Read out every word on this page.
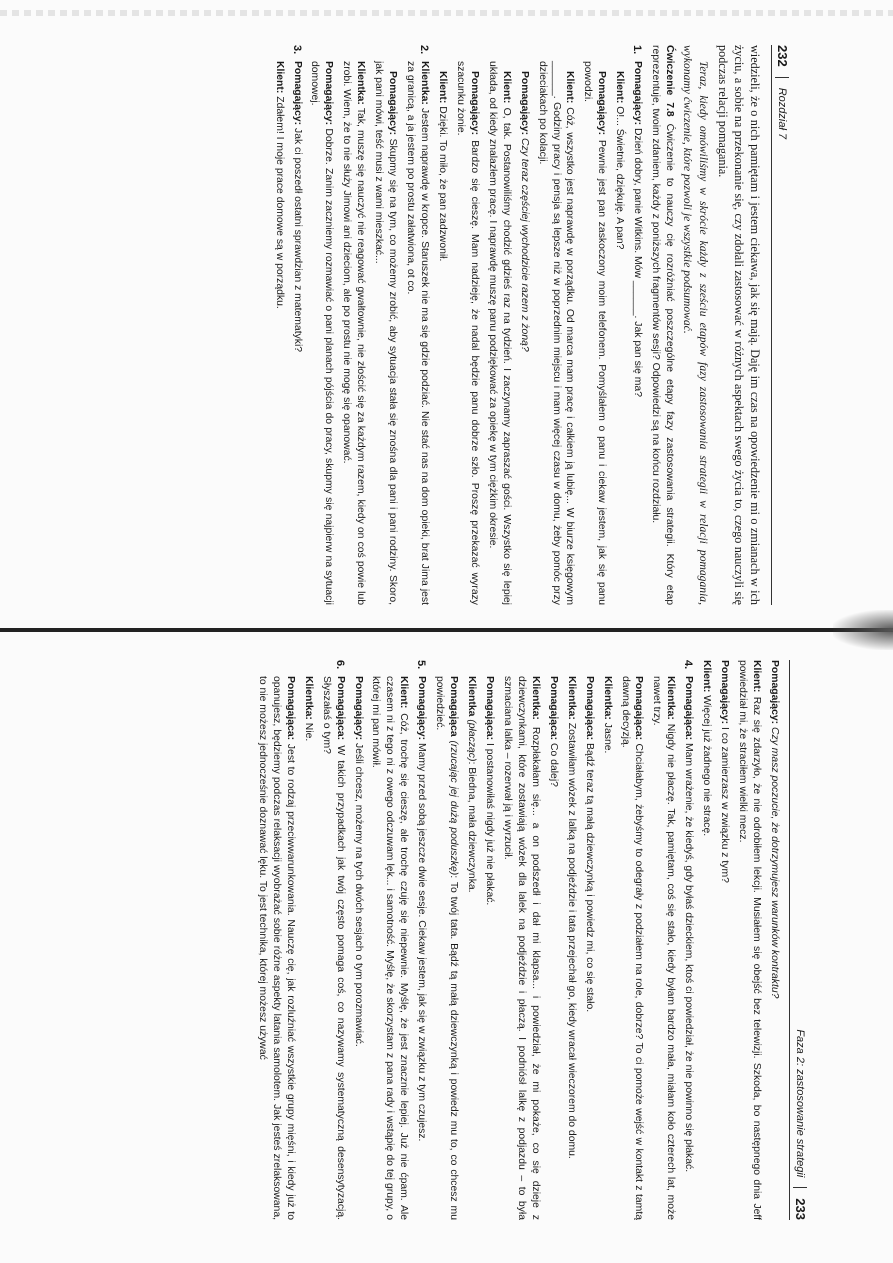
232
Rozdział 7

wiedzieli, że o nich pamiętam i jestem ciekawa, jak się mają. Daję im czas na opowiedzenie mi o zmianach w ich życiu, a sobie na przekonanie się, czy zdołali zastosować w różnych aspektach swego życia to, czego nauczyli się podczas relacji pomagania.

Teraz, kiedy omówiliśmy w skrócie każdy z sześciu etapów fazy zastosowania strategii w relacji pomagania, wykonamy ćwiczenie, które pozwoli je wszystkie podsumować.

Ćwiczenie 7.8 Ćwiczenie to nauczy cię rozróżniać poszczególne etapy fazy zastosowania strategii. Który etap reprezentuje, twoim zdaniem, każdy z poniższych fragmentów sesji? Odpowiedzi są na końcu rozdziału.

1.

Pomagający: Dzień dobry, panie Witkins. Mów ______. Jak pan się ma?

Klient: O!... Świetnie, dziękuję. A pan?

Pomagający: Pewnie jest pan zaskoczony moim telefonem. Pomyślałem o panu i ciekaw jestem, jak się panu powodzi.

Klient: Cóż, wszystko jest naprawdę w porządku. Od marca mam pracę i całkiem ją lubię... W biurze księgowym ______. Godziny pracy i pensja są lepsze niż w poprzednim miejscu i mam więcej czasu w domu, żeby pomóc przy dzieciakach po kolacji.

Pomagający: Czy teraz częściej wychodzicie razem z żoną?

Klient: O, tak. Postanowiliśmy chodzić gdzieś raz na tydzień. I zaczynamy zapraszać gości. Wszystko się lepiej układa, od kiedy znalazłem pracę. I naprawdę muszę panu podziękować za opiekę w tym ciężkim okresie.

Pomagający: Bardzo się cieszę. Mam nadzieję, że nadal będzie panu dobrze szło. Proszę przekazać wyrazy szacunku żonie.

Klient: Dzięki. To miło, że pan zadzwonił.

2.

Klientka: Jestem naprawdę w kropce. Staruszek nie ma się gdzie podziać. Nie stać nas na dom opieki, brat Jima jest za granicą, a ja jestem po prostu załatwiona, ot co.

Pomagający: Skupmy się na tym, co możemy zrobić, aby sytuacja stała się znośna dla pani i pani rodziny. Skoro, jak pani mówi, teść musi z wami mieszkać...

Klientka: Tak, muszę się nauczyć nie reagować gwałtownie, nie złościć się za każdym razem, kiedy on coś powie lub zrobi. Wiem, że to nie służy Jimowi ani dzieciom, ale po prostu nie mogę się opanować.

Pomagający: Dobrze. Zanim zaczniemy rozmawiać o pani planach pójścia do pracy, skupmy się najpierw na sytuacji domowej.

3.

Pomagający: Jak ci poszedł ostatni sprawdzian z matematyki?

Klient: Zdałem! I moje prace domowe są w porządku.

Faza 2: zastosowanie strategii
233

Pomagający: Czy masz poczucie, że dotrzymujesz warunków kontraktu?

Klient: Raz się zdarzyło, że nie odrobiłem lekcji. Musiałem się obejść bez telewizji. Szkoda, bo następnego dnia Jeff powiedział mi, że straciłem wielki mecz.

Pomagający: I co zamierzasz w związku z tym?

Klient: Więcej już żadnego nie stracę.

4.

Pomagająca: Mam wrażenie, że kiedyś, gdy byłaś dzieckiem, ktoś ci powiedział, że nie powinno się płakać.

Klientka: Nigdy nie płaczę. Tak, pamiętam, coś się stało, kiedy byłam bardzo mała, miałam koło czterech lat, może nawet trzy.

Pomagająca: Chciałabym, żebyśmy to odegrały z podziałem na role, dobrze? To ci pomoże wejść w kontakt z tamtą dawną decyzją.

Klientka: Jasne.

Pomagająca: Bądź teraz tą małą dziewczynką i powiedz mi, co się stało.

Klientka: Zostawiłam wózek z lalką na podjeździe i tata przejechał go, kiedy wracał wieczorem do domu.

Pomagająca: Co dalej?

Klientka: Rozpłakałam się... a on podszedł i dał mi klapsa... i powiedział, że mi pokaże, co się dzieje z dziewczynkami, które zostawiają wózek dla lalek na podjeździe i płaczą. I podniósł lalkę z podjazdu – to była szmaciana lalka – rozerwał ją i wyrzucił.

Pomagająca: I postanowiłaś nigdy już nie płakać.

Klientka (płacząc): Biedna, mała dziewczynka.

Pomagająca (rzucając jej dużą poduszkę): To twój tata. Bądź tą małą dziewczynką i powiedz mu to, co chcesz mu powiedzieć.

5.

Pomagający: Mamy przed sobą jeszcze dwie sesje. Ciekaw jestem, jak się w związku z tym czujesz.

Klient: Cóż, trochę się cieszę, ale trochę czuję się niepewnie. Myślę, że jest znacznie lepiej. Już nie ćpam. Ale czasem ni z tego ni z owego odczuwam lęk... i samotność. Myślę, że skorzystam z pana rady i wstąpię do tej grupy, o której mi pan mówił.

Pomagający: Jeśli chcesz, możemy na tych dwóch sesjach o tym porozmawiać.

6.

Pomagająca: W takich przypadkach jak twój często pomaga coś, co nazywamy systematyczną desensytyzacją. Słyszałaś o tym?

Klientka: Nie.

Pomagająca: Jest to rodzaj przeciwwarunkowania. Nauczę cię, jak rozluźniać wszystkie grupy mięśni, i kiedy już to opanujesz, będziemy podczas relaksacji wyobrażać sobie różne aspekty latania samolotem. Jak jesteś zrelaksowana, to nie możesz jednocześnie doznawać lęku. To jest technika, której możesz używać
